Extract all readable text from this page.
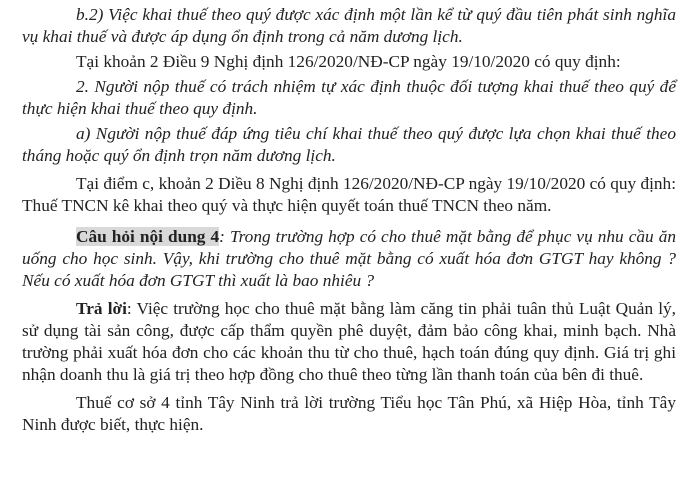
b.2) Việc khai thuế theo quý được xác định một lần kể từ quý đầu tiên phát sinh nghĩa vụ khai thuế và được áp dụng ổn định trong cả năm dương lịch.

Tại khoản 2 Điều 9 Nghị định 126/2020/NĐ-CP ngày 19/10/2020 có quy định:

2. Người nộp thuế có trách nhiệm tự xác định thuộc đối tượng khai thuế theo quý để thực hiện khai thuế theo quy định.

a) Người nộp thuế đáp ứng tiêu chí khai thuế theo quý được lựa chọn khai thuế theo tháng hoặc quý ổn định trọn năm dương lịch.

Tại điểm c, khoản 2 Diều 8 Nghị định 126/2020/NĐ-CP ngày 19/10/2020 có quy định: Thuế TNCN kê khai theo quý và thực hiện quyết toán thuế TNCN theo năm.

Câu hỏi nội dung 4: Trong trường hợp có cho thuê mặt bằng để phục vụ nhu cầu ăn uống cho học sinh. Vậy, khi trường cho thuê mặt bằng có xuất hóa đơn GTGT hay không ? Nếu có xuất hóa đơn GTGT thì xuất là bao nhiêu ?

Trả lời: Việc trường học cho thuê mặt bằng làm căng tin phải tuân thủ Luật Quản lý, sử dụng tài sản công, được cấp thẩm quyền phê duyệt, đảm bảo công khai, minh bạch. Nhà trường phải xuất hóa đơn cho các khoản thu từ cho thuê, hạch toán đúng quy định. Giá trị ghi nhận doanh thu là giá trị theo hợp đồng cho thuê theo từng lần thanh toán của bên đi thuê.

Thuế cơ sở 4 tỉnh Tây Ninh trả lời trường Tiểu học Tân Phú, xã Hiệp Hòa, tỉnh Tây Ninh được biết, thực hiện.
